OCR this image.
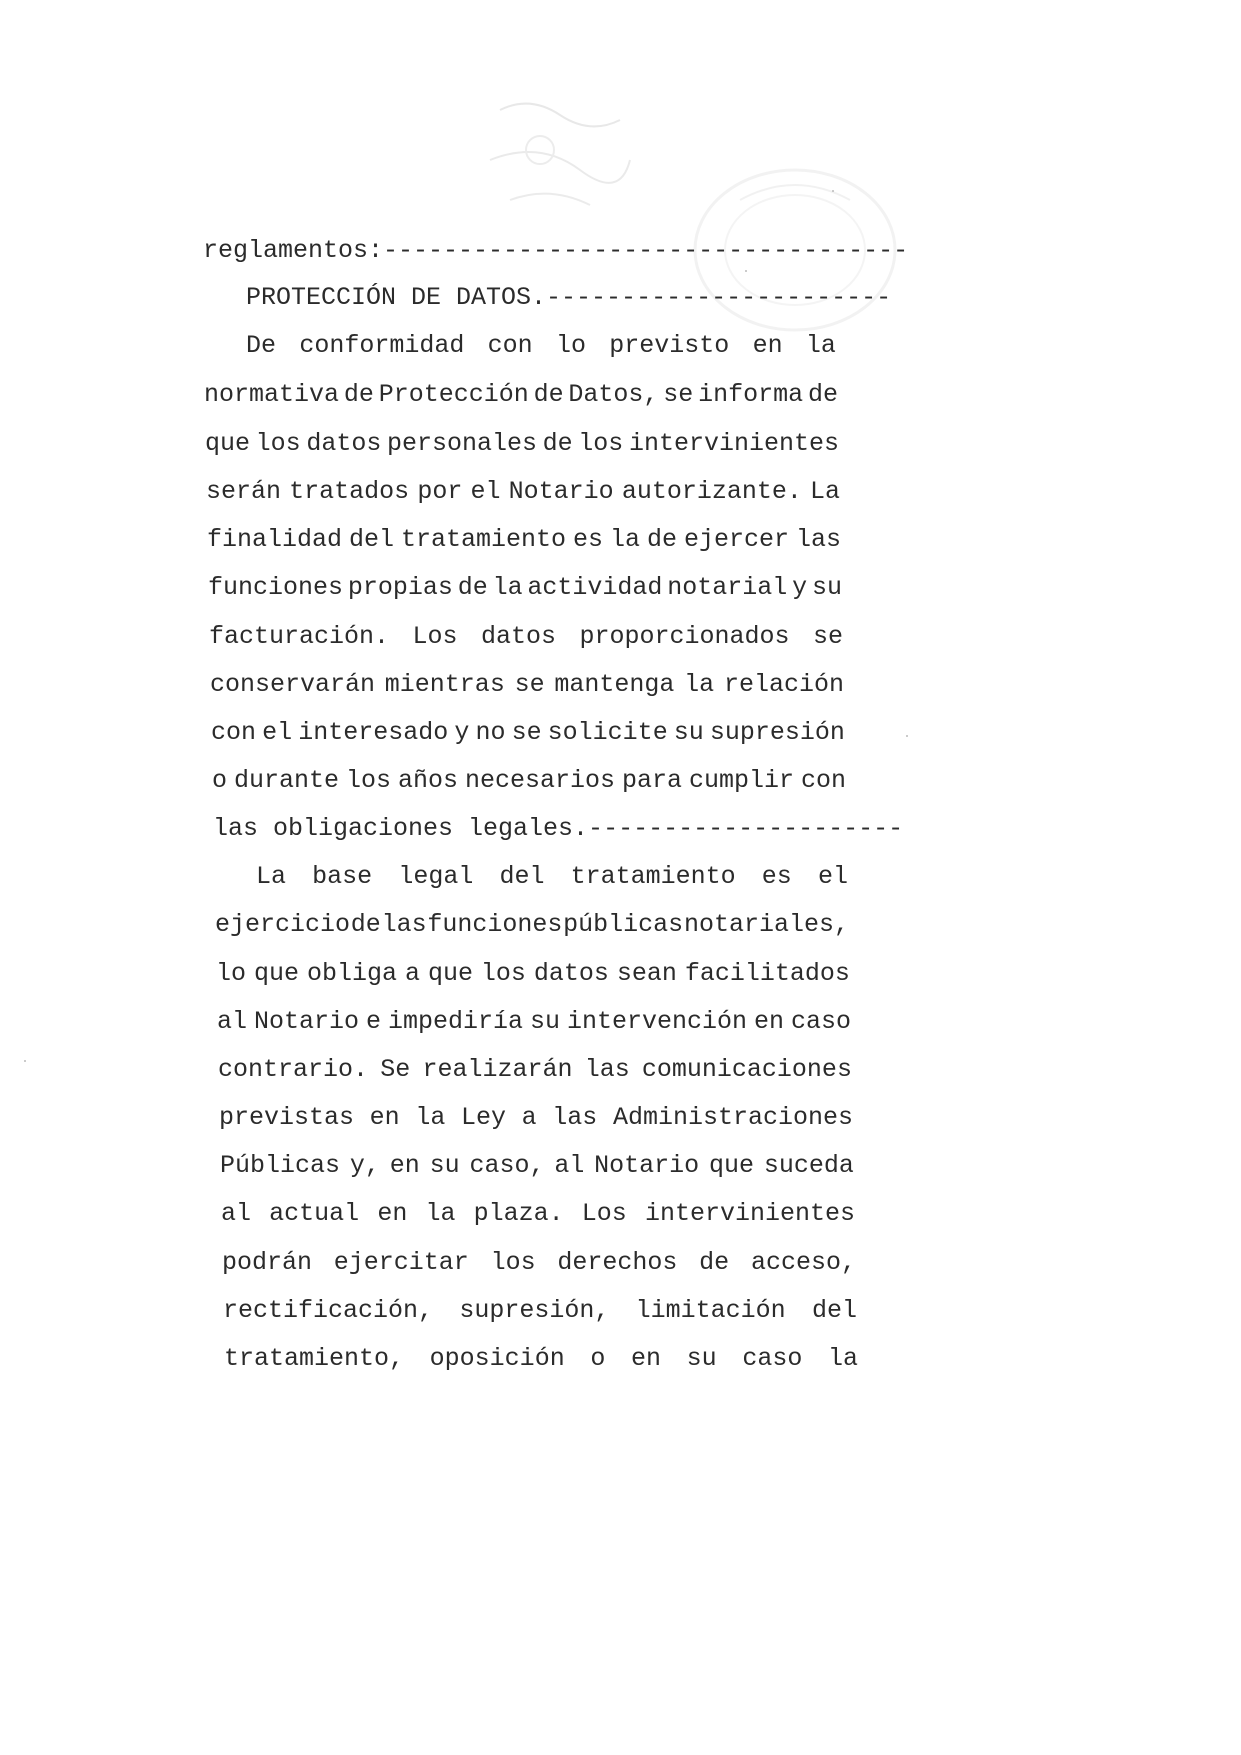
reglamentos:-----------------------------------
PROTECCIÓN DE DATOS.-----------------------
De conformidad con lo previsto en la
normativa de Protección de Datos, se informa de
que los datos personales de los intervinientes
serán tratados por el Notario autorizante. La
finalidad del tratamiento es la de ejercer las
funciones propias de la actividad notarial y su
facturación. Los datos proporcionados se
conservarán mientras se mantenga la relación
con el interesado y no se solicite su supresión
o durante los años necesarios para cumplir con
las obligaciones legales.---------------------
La base legal del tratamiento es el
ejercicio de las funciones públicas notariales,
lo que obliga a que los datos sean facilitados
al Notario e impediría su intervención en caso
contrario. Se realizarán las comunicaciones
previstas en la Ley a las Administraciones
Públicas y, en su caso, al Notario que suceda
al actual en la plaza. Los intervinientes
podrán ejercitar los derechos de acceso,
rectificación, supresión, limitación del
tratamiento, oposición o en su caso la
